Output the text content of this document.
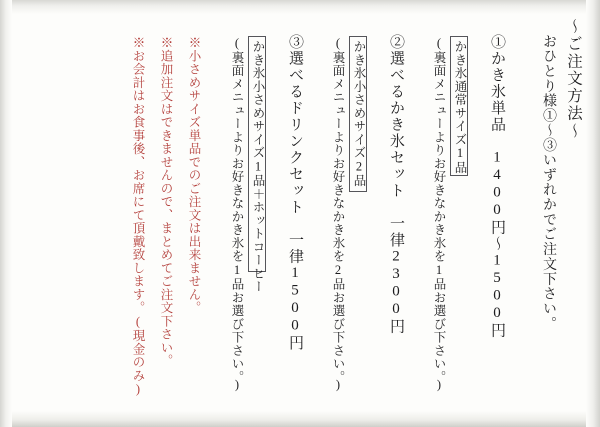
〜ご注文方法〜
おひとり様①〜③いずれかでご注文下さい。
①かき氷単品　1400円〜1500円
かき氷通常サイズ1品
(裏面メニューよりお好きなかき氷を1品お選び下さい。)
②選べるかき氷セット　一律2300円
かき氷小さめサイズ2品
(裏面メニューよりお好きなかき氷を2品お選び下さい。)
③選べるドリンクセット　一律1500円
かき氷小さめサイズ1品＋ホットコーヒー
(裏面メニューよりお好きなかき氷を1品お選び下さい。)
※小さめサイズ単品でのご注文は出来ません。
※追加注文はできませんので、まとめてご注文下さい。
※お会計はお食事後、お席にて頂戴致します。(現金のみ)
